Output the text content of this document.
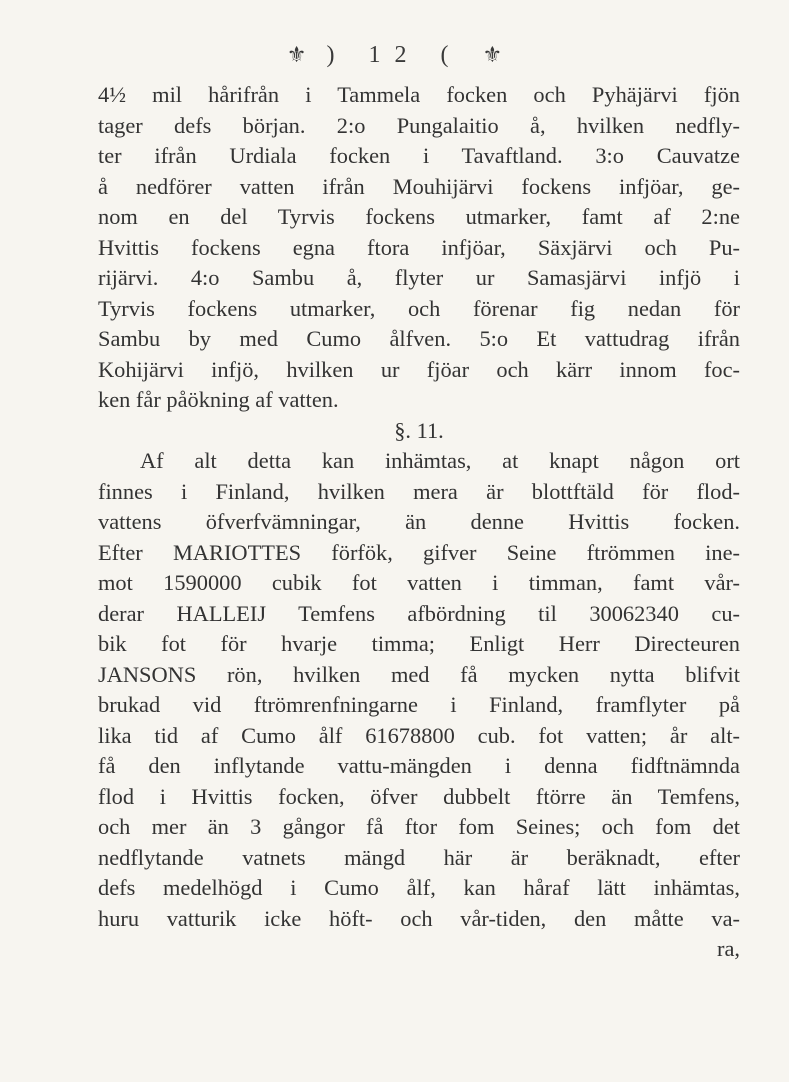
⚜ ) 12 ( ⚜
4½ mil hårifrån i Tammela focken och Pyhäjärvi fjön
tager defs början. 2:o Pungalaitio å, hvilken nedfly-
ter ifrån Urdiala focken i Tavaftland. 3:o Cauvatze
å nedförer vatten ifrån Mouhijärvi fockens infjöar, ge-
nom en del Tyrvis fockens utmarker, famt af 2:ne
Hvittis fockens egna ftora infjöar, Säxjärvi och Pu-
rijärvi. 4:o Sambu å, flyter ur Samasjärvi infjö i
Tyrvis fockens utmarker, och förenar fig nedan för
Sambu by med Cumo ålfven. 5:o Et vattudrag ifrån
Kohijärvi infjö, hvilken ur fjöar och kärr innom foc-
ken får påökning af vatten.
§. 11.
Af alt detta kan inhämtas, at knapt någon ort
finnes i Finland, hvilken mera är blottftäld för flod-
vattens öfverfvämningar, än denne Hvittis focken.
Efter MARIOTTES förfök, gifver Seine ftrömmen ine-
mot 1590000 cubik fot vatten i timman, famt vår-
derar HALLEIJ Temfens afbördning til 30062340 cu-
bik fot för hvarje timma; Enligt Herr Directeuren
JANSONS rön, hvilken med få mycken nytta blifvit
brukad vid ftrömrenfningarne i Finland, framflyter på
lika tid af Cumo ålf 61678800 cub. fot vatten; år alt-
få den inflytande vattu-mängden i denna fidftnämnda
flod i Hvittis focken, öfver dubbelt ftörre än Temfens,
och mer än 3 gångor få ftor fom Seines; och fom det
nedflytande vatnets mängd här är beräknadt, efter
defs medelhögd i Cumo ålf, kan håraf lätt inhämtas,
huru vatturik icke höft- och vår-tiden, den måtte va-
ra,
